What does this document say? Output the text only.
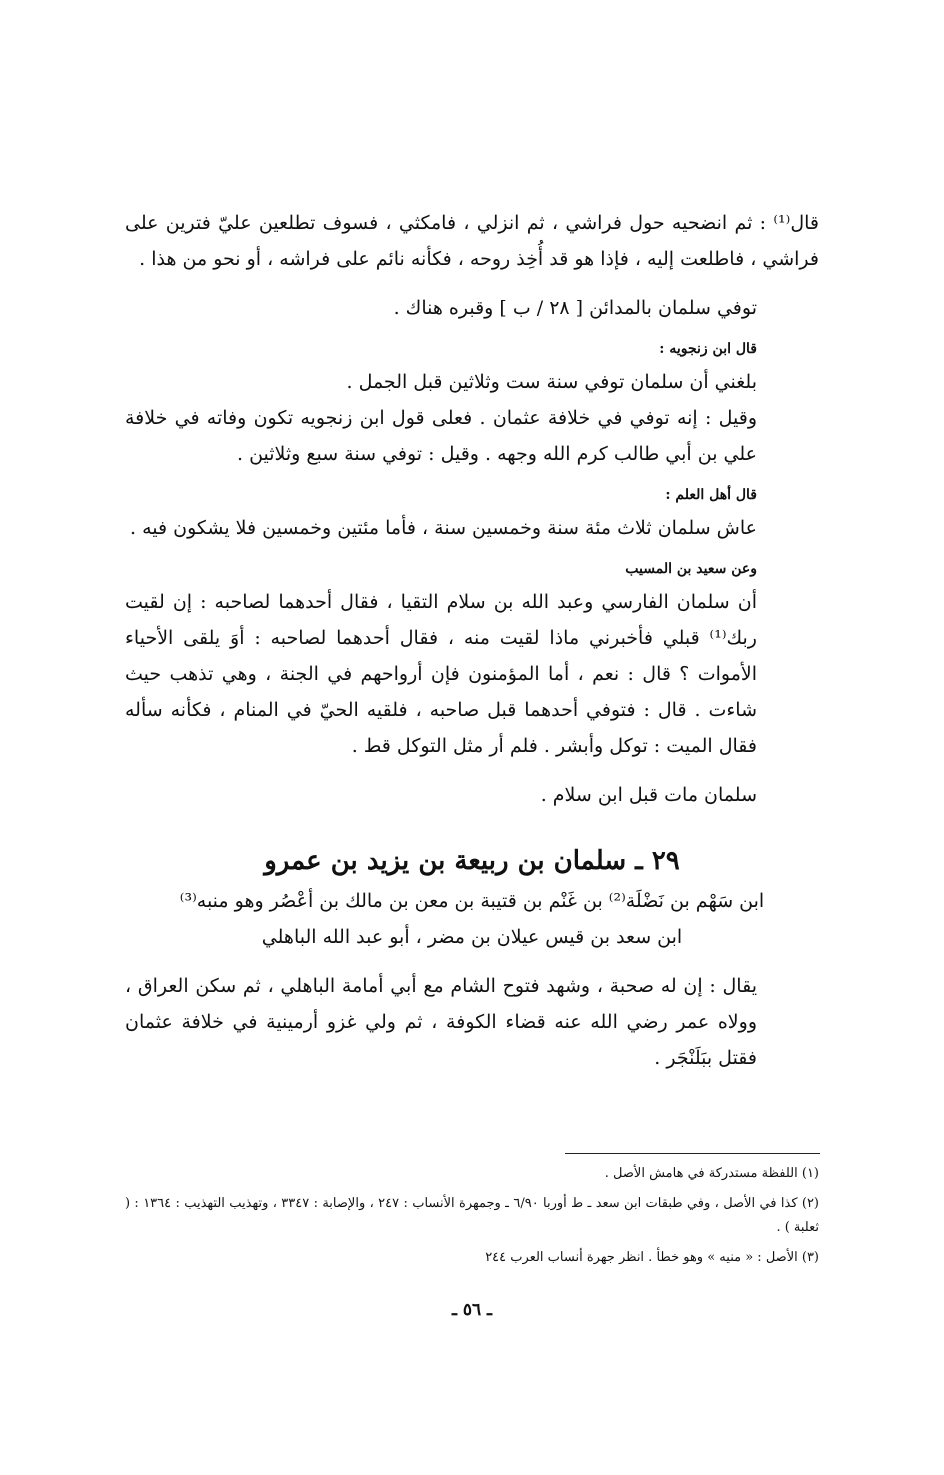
قال⁽¹⁾ : ثم انضحيه حول فراشي ، ثم انزلي ، فامكثي ، فسوف تطلعين عليّ فترين على فراشي ، فاطلعت إليه ، فإذا هو قد أُخِذ روحه ، فكأنه نائم على فراشه ، أو نحو من هذا .

توفي سلمان بالمدائن [ ٢٨ / ب ] وقبره هناك .

قال ابن زنجويه :

بلغني أن سلمان توفي سنة ست وثلاثين قبل الجمل .

وقيل : إنه توفي في خلافة عثمان . فعلى قول ابن زنجويه تكون وفاته في خلافة علي بن أبي طالب كرم الله وجهه . وقيل : توفي سنة سبع وثلاثين .

قال أهل العلم :

عاش سلمان ثلاث مئة سنة وخمسين سنة ، فأما مئتين وخمسين فلا يشكون فيه .

وعن سعيد بن المسيب

أن سلمان الفارسي وعبد الله بن سلام التقيا ، فقال أحدهما لصاحبه : إن لقيت ربك⁽¹⁾ قبلي فأخبرني ماذا لقيت منه ، فقال أحدهما لصاحبه : أوَ يلقى الأحياء الأموات ؟ قال : نعم ، أما المؤمنون فإن أرواحهم في الجنة ، وهي تذهب حيث شاءت . قال : فتوفي أحدهما قبل صاحبه ، فلقيه الحيّ في المنام ، فكأنه سأله فقال الميت : توكل وأبشر . فلم أر مثل التوكل قط .

سلمان مات قبل ابن سلام .

٢٩ ـ سلمان بن ربيعة بن يزيد بن عمرو

ابن سَهْم بن نَضْلَة⁽²⁾ بن غَنْم بن قتيبة بن معن بن مالك بن أعْصُر وهو منبه⁽³⁾

ابن سعد بن قيس عيلان بن مضر ، أبو عبد الله الباهلي

يقال : إن له صحبة ، وشهد فتوح الشام مع أبي أمامة الباهلي ، ثم سكن العراق ، وولاه عمر رضي الله عنه قضاء الكوفة ، ثم ولي غزو أرمينية في خلافة عثمان فقتل ببَلَنْجَر .

(١) اللفظة مستدركة في هامش الأصل .

(٢) كذا في الأصل ، وفي طبقات ابن سعد ـ ط أوربا ٦/٩٠ ـ وجمهرة الأنساب : ٢٤٧ ، والإصابة : ٣٣٤٧ ، وتهذيب التهذيب : ١٣٦٤ : ( ثعلبة ) .

(٣) الأصل : « منيه » وهو خطأ . انظر جهرة أنساب العرب ٢٤٤

ـ ٥٦ ـ
